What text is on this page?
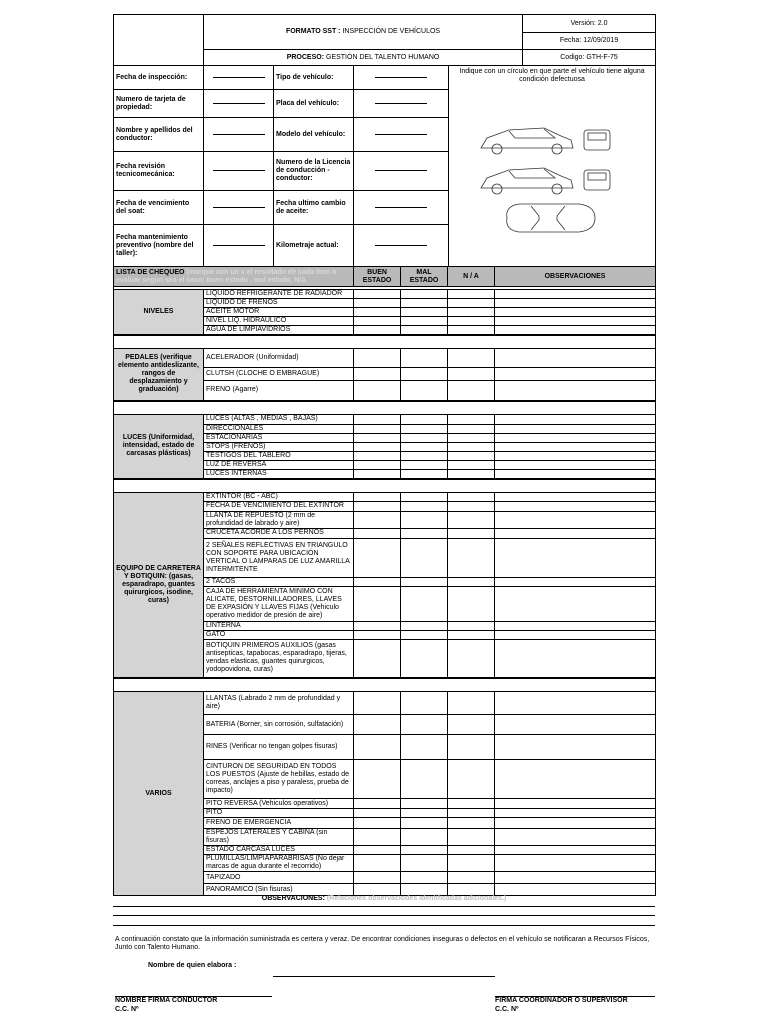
	FORMATO SST : INSPECCIÓN DE VEHÍCULOS	Versión: 2.0
		Fecha: 12/09/2019
	PROCESO: GESTIÓN DEL TALENTO HUMANO	Codigo: GTH-F-75
Fecha de inspección:		Tipo de vehículo:		Indique con un círculo en que parte el vehículo tiene alguna condición defectuosa

Numero de tarjeta de propiedad:		Placa del vehículo:		
Nombre y apellidos del conductor:		Modelo del vehículo:		
Fecha revisión tecnicomecánica:		Numero de la Licencia de conducción - conductor:		
Fecha de vencimiento del soat:		Fecha ultimo cambio de aceite:		
Fecha mantenimiento preventivo (nombre del taller):		Kilometraje actual:		
LISTA DE CHEQUEO (marque con un x el resultado de cada ítem a evaluar según sea el caso: buen estado , mal estado, N/A		BUEN ESTADO	MAL ESTADO	N / A	OBSERVACIONES

NIVELES	LIQUIDO REFRIGERANTE DE RADIADOR				
	LIQUIDO DE FRENOS				
	ACEITE MOTOR				
	NIVEL LIQ. HIDRAULICO				
	AGUA DE LIMPIAVIDRIOS				

PEDALES (verifique elemento antideslizante, rangos de desplazamiento y graduación)	ACELERADOR (Uniformidad)				
	CLUTSH (CLOCHE O EMBRAGUE)				
	FRENO (Agarre)				

LUCES (Uniformidad, intensidad, estado de carcasas plásticas)	LUCES (ALTAS , MEDIAS , BAJAS)				
	DIRECCIONALES				
	ESTACIONARIAS				
	STOPS (FRENOS)				
	TESTIGOS DEL TABLERO				
	LUZ DE REVERSA				
	LUCES INTERNAS				

EQUIPO DE CARRETERA Y BOTIQUIN: (gasas, esparadrapo, guantes quirurgicos, isodine, curas)	EXTINTOR (BC - ABC)				
	FECHA DE VENCIMIENTO DEL EXTINTOR				
	LLANTA DE REPUESTO (2 mm de profundidad de labrado y aire)				
	CRUCETA ACORDE A LOS PERNOS				
	2 SEÑALES REFLECTIVAS EN TRIANGULO CON SOPORTE PARA UBICACIÓN VERTICAL O LAMPARAS DE LUZ AMARILLA INTERMITENTE				
	2 TACOS				
	CAJA DE HERRAMIENTA MINIMO CON ALICATE, DESTORNILLADORES, LLAVES DE EXPASIÓN Y LLAVES FIJAS (Vehiculo operativo medidor de presión de aire)				
	LINTERNA				
	GATO				
	BOTIQUIN PRIMEROS AUXILIOS (gasas antisepticas, tapabocas, esparadrapo, tijeras, vendas elasticas, guantes quirurgicos, yodopovidona, curas)				

VARIOS	LLANTAS (Labrado 2 mm de profundidad y aire)				
	BATERIA (Borner, sin corrosión, sulfatación)				
	RINES (Verificar no tengan golpes fisuras)				
	CINTURON DE SEGURIDAD EN TODOS LOS PUESTOS (Ajuste de hebillas, estado de correas, anclajes a piso y paraless, prueba de impacto)				
	PITO REVERSA (Vehiculos operativos)				
	PITO				
	FRENO DE EMERGENCIA				
	ESPEJOS LATERALES Y CABINA (sin fisuras)				
	ESTADO CARCASA LUCES				
	PLUMILLAS/LIMPIAPARABRISAS (No dejar marcas de agua durante el recorrido)				
	TAPIZADO				
	PANORAMICO (Sin fisuras)				
OBSERVACIONES: (Relaciones observaciodes identificadas adicionales.)
A continuación constato que la información suministrada es certera y veraz. De encontrar condiciones inseguras o defectos en el vehículo se notificaran a Recursos Físicos, Junto con Talento Humano.
Nombre de quien elabora :
NOMBRE FIRMA CONDUCTOR
C.C. Nº
FIRMA COORDINADOR O SUPERVISOR
C.C. Nº
